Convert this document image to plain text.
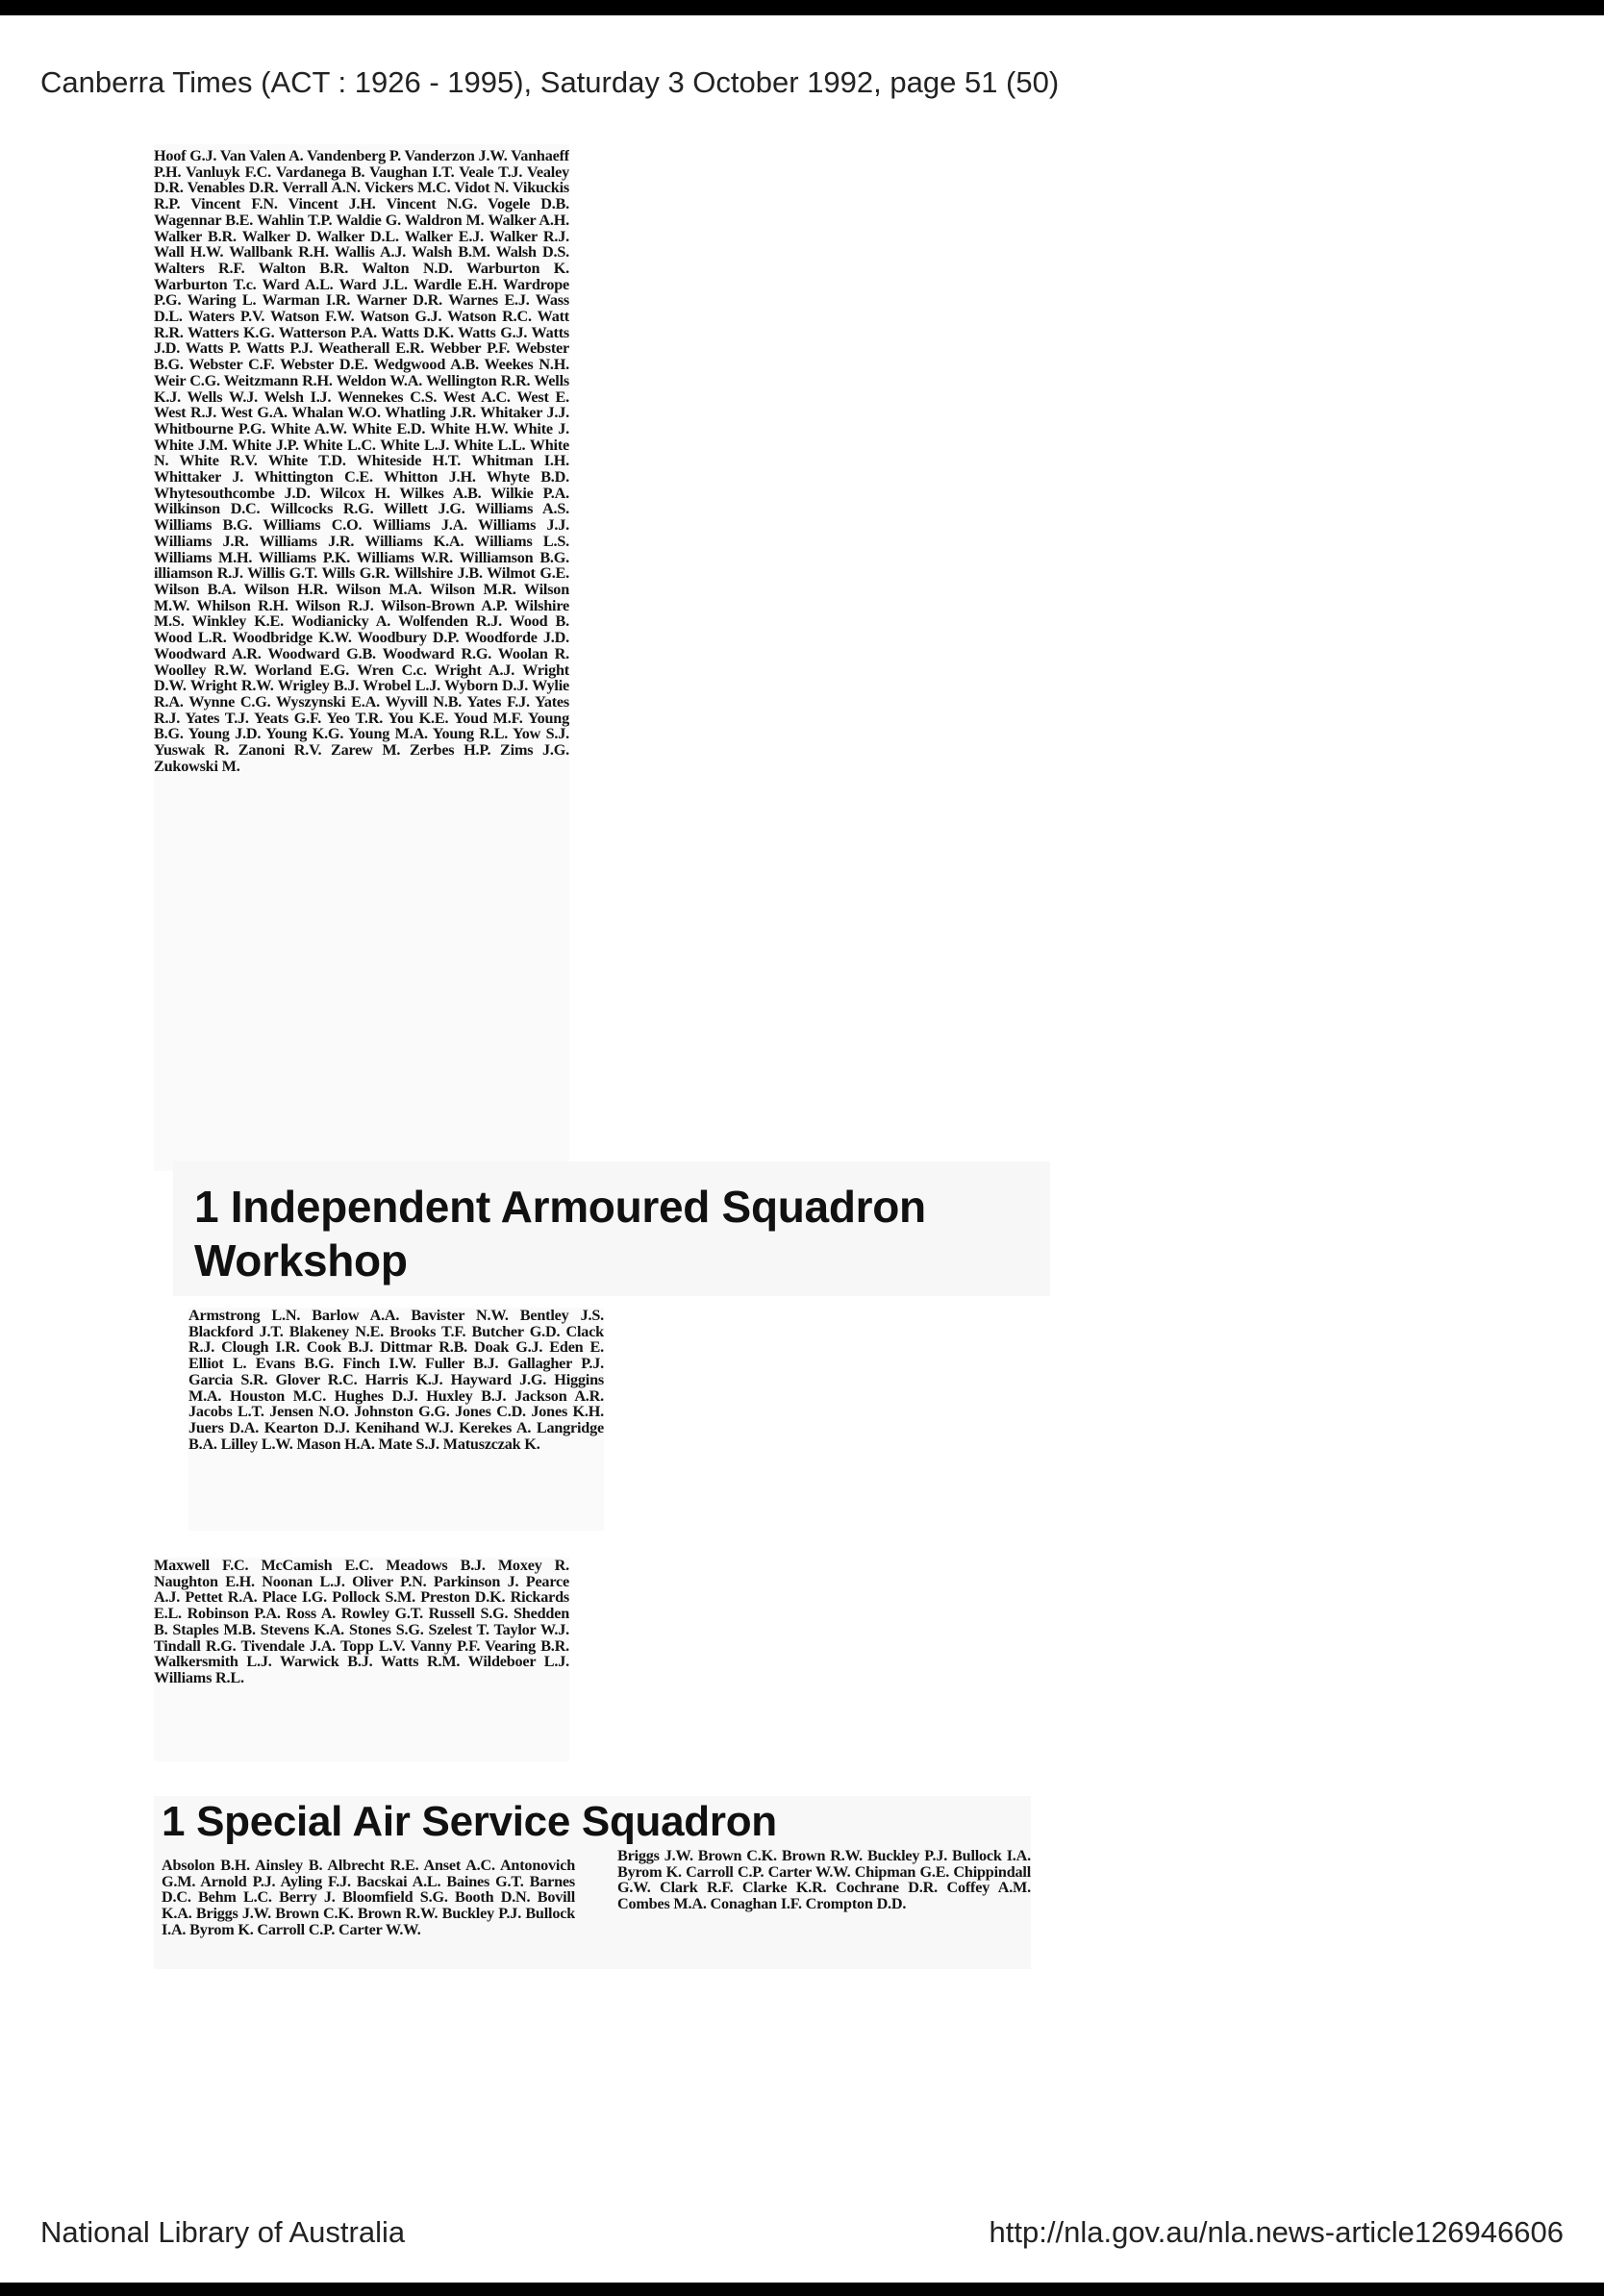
Canberra Times (ACT : 1926 - 1995), Saturday 3 October 1992, page 51 (50)

Hoof G.J. Van Valen A. Vandenberg P. Vanderzon J.W. Vanhaeff P.H. Vanluyk F.C. Vardanega B. Vaughan I.T. Veale T.J. Vealey D.R. Venables D.R. Verrall A.N. Vickers M.C. Vidot N. Vikuckis R.P. Vincent F.N. Vincent J.H. Vincent N.G. Vogele D.B. Wagennar B.E. Wahlin T.P. Waldie G. Waldron M. Walker A.H. Walker B.R. Walker D. Walker D.L. Walker E.J. Walker R.J. Wall H.W. Wallbank R.H. Wallis A.J. Walsh B.M. Walsh D.S. Walters R.F. Walton B.R. Walton N.D. Warburton K. Warburton T.c. Ward A.L. Ward J.L. Wardle E.H. Wardrope P.G. Waring L. Warman I.R. Warner D.R. Warnes E.J. Wass D.L. Waters P.V. Watson F.W. Watson G.J. Watson R.C. Watt R.R. Watters K.G. Watterson P.A. Watts D.K. Watts G.J. Watts J.D. Watts P. Watts P.J. Weatherall E.R. Webber P.F. Webster B.G. Webster C.F. Webster D.E. Wedgwood A.B. Weekes N.H. Weir C.G. Weitzmann R.H. Weldon W.A. Wellington R.R. Wells K.J. Wells W.J. Welsh I.J. Wennekes C.S. West A.C. West E. West R.J. West G.A. Whalan W.O. Whatling J.R. Whitaker J.J. Whitbourne P.G. White A.W. White E.D. White H.W. White J. White J.M. White J.P. White L.C. White L.J. White L.L. White N. White R.V. White T.D. Whiteside H.T. Whitman I.H. Whittaker J. Whittington C.E. Whitton J.H. Whyte B.D. Whytesouthcombe J.D. Wilcox H. Wilkes A.B. Wilkie P.A. Wilkinson D.C. Willcocks R.G. Willett J.G. Williams A.S. Williams B.G. Williams C.O. Williams J.A. Williams J.J. Williams J.R. Williams J.R. Williams K.A. Williams L.S. Williams M.H. Williams P.K. Williams W.R. Williamson B.G. illiamson R.J. Willis G.T. Wills G.R. Willshire J.B. Wilmot G.E. Wilson B.A. Wilson H.R. Wilson M.A. Wilson M.R. Wilson M.W. Whilson R.H. Wilson R.J. Wilson-Brown A.P. Wilshire M.S. Winkley K.E. Wodianicky A. Wolfenden R.J. Wood B. Wood L.R. Woodbridge K.W. Woodbury D.P. Woodforde J.D. Woodward A.R. Woodward G.B. Woodward R.G. Woolan R. Woolley R.W. Worland E.G. Wren C.c. Wright A.J. Wright D.W. Wright R.W. Wrigley B.J. Wrobel L.J. Wyborn D.J. Wylie R.A. Wynne C.G. Wyszynski E.A. Wyvill N.B. Yates F.J. Yates R.J. Yates T.J. Yeats G.F. Yeo T.R. You K.E. Youd M.F. Young B.G. Young J.D. Young K.G. Young M.A. Young R.L. Yow S.J. Yuswak R. Zanoni R.V. Zarew M. Zerbes H.P. Zims J.G. Zukowski M.

1 Independent Armoured Squadron
Workshop

Armstrong L.N. Barlow A.A. Bavister N.W. Bentley J.S. Blackford J.T. Blakeney N.E. Brooks T.F. Butcher G.D. Clack R.J. Clough I.R. Cook B.J. Dittmar R.B. Doak G.J. Eden E. Elliot L. Evans B.G. Finch I.W. Fuller B.J. Gallagher P.J. Garcia S.R. Glover R.C. Harris K.J. Hayward J.G. Higgins M.A. Houston M.C. Hughes D.J. Huxley B.J. Jackson A.R. Jacobs L.T. Jensen N.O. Johnston G.G. Jones C.D. Jones K.H. Juers D.A. Kearton D.J. Kenihand W.J. Kerekes A. Langridge B.A. Lilley L.W. Mason H.A. Mate S.J. Matuszczak K.

Maxwell F.C. McCamish E.C. Meadows B.J. Moxey R. Naughton E.H. Noonan L.J. Oliver P.N. Parkinson J. Pearce A.J. Pettet R.A. Place I.G. Pollock S.M. Preston D.K. Rickards E.L. Robinson P.A. Ross A. Rowley G.T. Russell S.G. Shedden B. Staples M.B. Stevens K.A. Stones S.G. Szelest T. Taylor W.J. Tindall R.G. Tivendale J.A. Topp L.V. Vanny P.F. Vearing B.R. Walkersmith L.J. Warwick B.J. Watts R.M. Wildeboer L.J. Williams R.L.

1 Special Air Service Squadron

Absolon B.H. Ainsley B. Albrecht R.E. Anset A.C. Antonovich G.M. Arnold P.J. Ayling F.J. Bacskai A.L. Baines G.T. Barnes D.C. Behm L.C. Berry J. Bloomfield S.G. Booth D.N. Bovill K.A. Briggs J.W. Brown C.K. Brown R.W. Buckley P.J. Bullock I.A. Byrom K. Carroll C.P. Carter W.W.

Briggs J.W. Brown C.K. Brown R.W. Buckley P.J. Bullock I.A. Byrom K. Carroll C.P. Carter W.W. Chipman G.E. Chippindall G.W. Clark R.F. Clarke K.R. Cochrane D.R. Coffey A.M. Combes M.A. Conaghan I.F. Crompton D.D.

National Library of Australia	http://nla.gov.au/nla.news-article126946606
